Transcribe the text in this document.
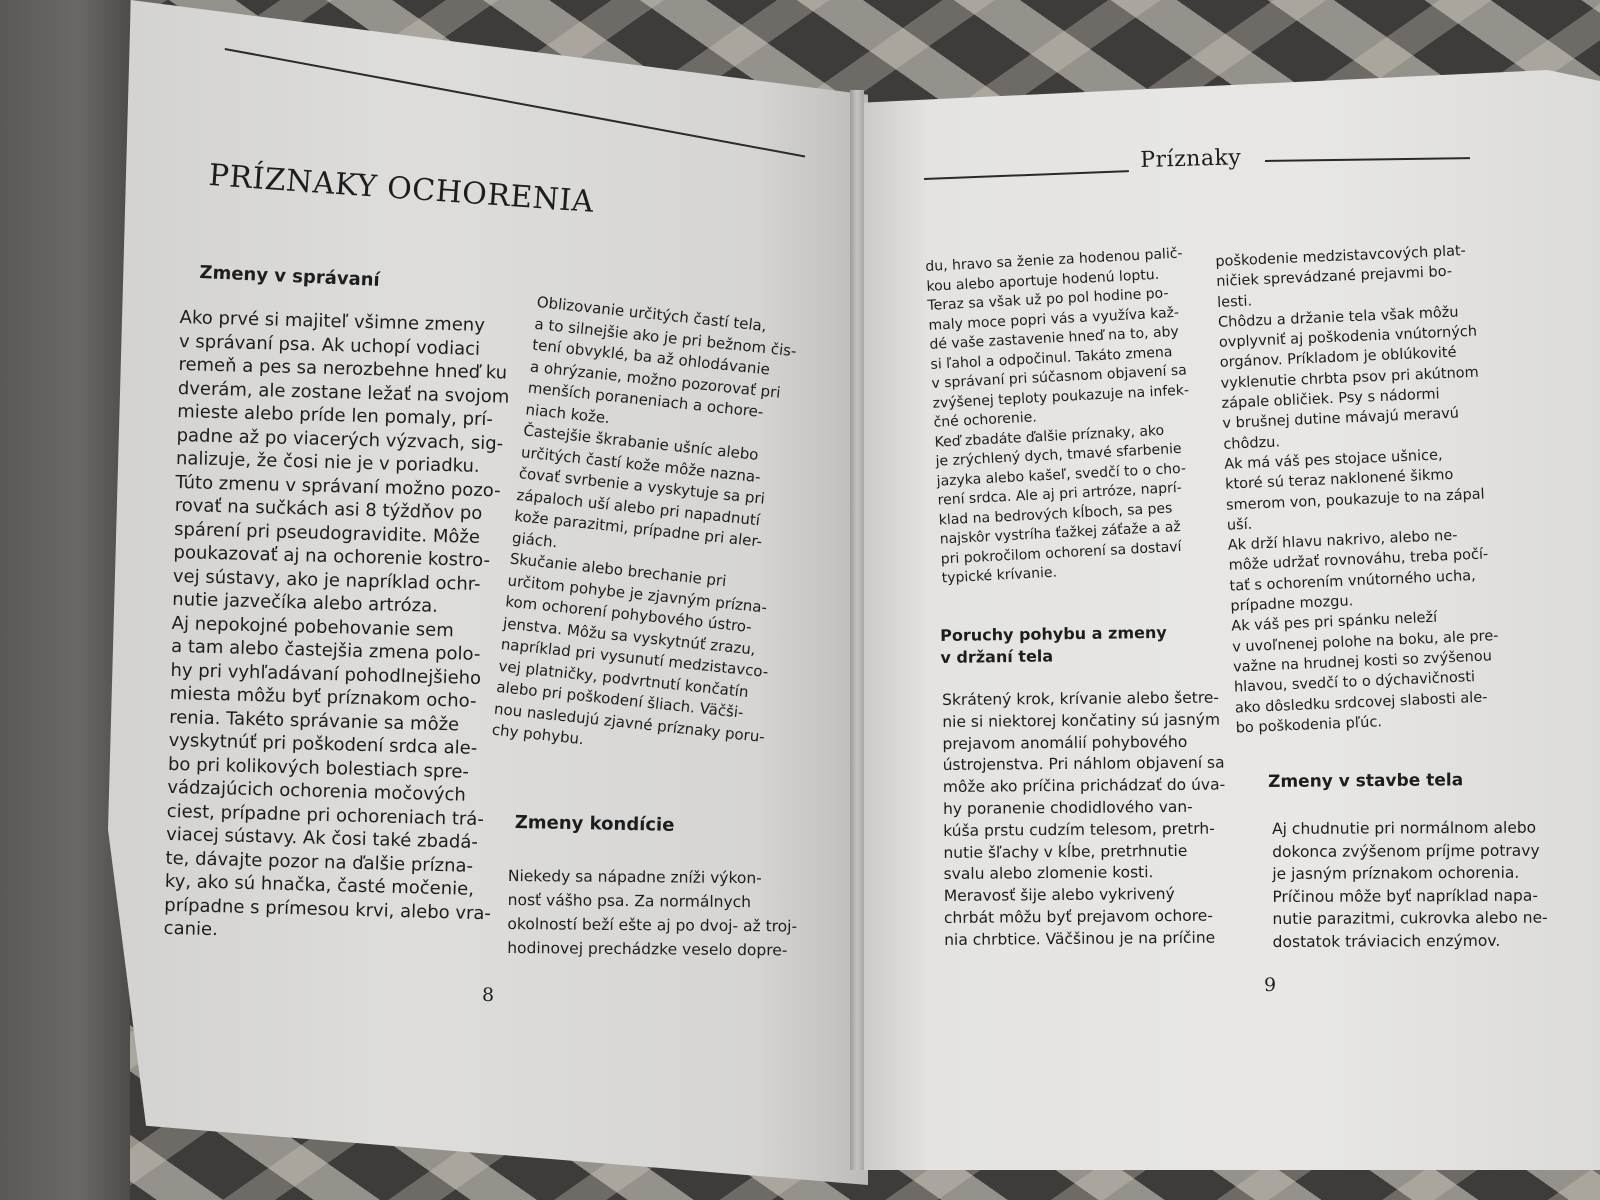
PRÍZNAKY OCHORENIA
Zmeny v správaní
Ako prvé si majiteľ všimne zmeny
v správaní psa. Ak uchopí vodiaci
remeň a pes sa nerozbehne hneď ku
dverám, ale zostane ležať na svojom
mieste alebo príde len pomaly, prí-
padne až po viacerých výzvach, sig-
nalizuje, že čosi nie je v poriadku.
Túto zmenu v správaní možno pozo-
rovať na sučkách asi 8 týždňov po
spárení pri pseudogravidite. Môže
poukazovať aj na ochorenie kostro-
vej sústavy, ako je napríklad ochr-
nutie jazvečíka alebo artróza.
Aj nepokojné pobehovanie sem
a tam alebo častejšia zmena polo-
hy pri vyhľadávaní pohodlnejšieho
miesta môžu byť príznakom ocho-
renia. Takéto správanie sa môže
vyskytnúť pri poškodení srdca ale-
bo pri kolikových bolestiach spre-
vádzajúcich ochorenia močových
ciest, prípadne pri ochoreniach trá-
viacej sústavy. Ak čosi také zbadá-
te, dávajte pozor na ďalšie prízna-
ky, ako sú hnačka, časté močenie,
prípadne s prímesou krvi, alebo vra-
canie.
Oblizovanie určitých častí tela,
a to silnejšie ako je pri bežnom čis-
tení obvyklé, ba až ohlodávanie
a ohrýzanie, možno pozorovať pri
menších poraneniach a ochore-
niach kože.
Častejšie škrabanie ušníc alebo
určitých častí kože môže nazna-
čovať svrbenie a vyskytuje sa pri
zápaloch uší alebo pri napadnutí
kože parazitmi, prípadne pri aler-
giách.
Skučanie alebo brechanie pri
určitom pohybe je zjavným prízna-
kom ochorení pohybového ústro-
jenstva. Môžu sa vyskytnúť zrazu,
napríklad pri vysunutí medzistavco-
vej platničky, podvrtnutí končatín
alebo pri poškodení šliach. Väčši-
nou nasledujú zjavné príznaky poru-
chy pohybu.
Zmeny kondície
Niekedy sa nápadne zníži výkon-
nosť vášho psa. Za normálnych
okolností beží ešte aj po dvoj- až troj-
hodinovej prechádzke veselo dopre-
8
Príznaky
du, hravo sa ženie za hodenou palič-
kou alebo aportuje hodenú loptu.
Teraz sa však už po pol hodine po-
maly moce popri vás a využíva kaž-
dé vaše zastavenie hneď na to, aby
si ľahol a odpočinul. Takáto zmena
v správaní pri súčasnom objavení sa
zvýšenej teploty poukazuje na infek-
čné ochorenie.
Keď zbadáte ďalšie príznaky, ako
je zrýchlený dych, tmavé sfarbenie
jazyka alebo kašeľ, svedčí to o cho-
rení srdca. Ale aj pri artróze, naprí-
klad na bedrových kĺboch, sa pes
najskôr vystríha ťažkej záťaže a až
pri pokročilom ochorení sa dostaví
typické krívanie.
Poruchy pohybu a zmeny
v držaní tela
Skrátený krok, krívanie alebo šetre-
nie si niektorej končatiny sú jasným
prejavom anomálií pohybového
ústrojenstva. Pri náhlom objavení sa
môže ako príčina prichádzať do úva-
hy poranenie chodidlového van-
kúša prstu cudzím telesom, pretrh-
nutie šľachy v kĺbe, pretrhnutie
svalu alebo zlomenie kosti.
Meravosť šije alebo vykrivený
chrbát môžu byť prejavom ochore-
nia chrbtice. Väčšinou je na príčine
poškodenie medzistavcových plat-
ničiek sprevádzané prejavmi bo-
lesti.
Chôdzu a držanie tela však môžu
ovplyvniť aj poškodenia vnútorných
orgánov. Príkladom je oblúkovité
vyklenutie chrbta psov pri akútnom
zápale obličiek. Psy s nádormi
v brušnej dutine mávajú meravú
chôdzu.
Ak má váš pes stojace ušnice,
ktoré sú teraz naklonené šikmo
smerom von, poukazuje to na zápal
uší.
Ak drží hlavu nakrivo, alebo ne-
môže udržať rovnováhu, treba počí-
tať s ochorením vnútorného ucha,
prípadne mozgu.
Ak váš pes pri spánku neleží
v uvoľnenej polohe na boku, ale pre-
važne na hrudnej kosti so zvýšenou
hlavou, svedčí to o dýchavičnosti
ako dôsledku srdcovej slabosti ale-
bo poškodenia pľúc.
Zmeny v stavbe tela
Aj chudnutie pri normálnom alebo
dokonca zvýšenom príjme potravy
je jasným príznakom ochorenia.
Príčinou môže byť napríklad napa-
nutie parazitmi, cukrovka alebo ne-
dostatok tráviacich enzýmov.
9
